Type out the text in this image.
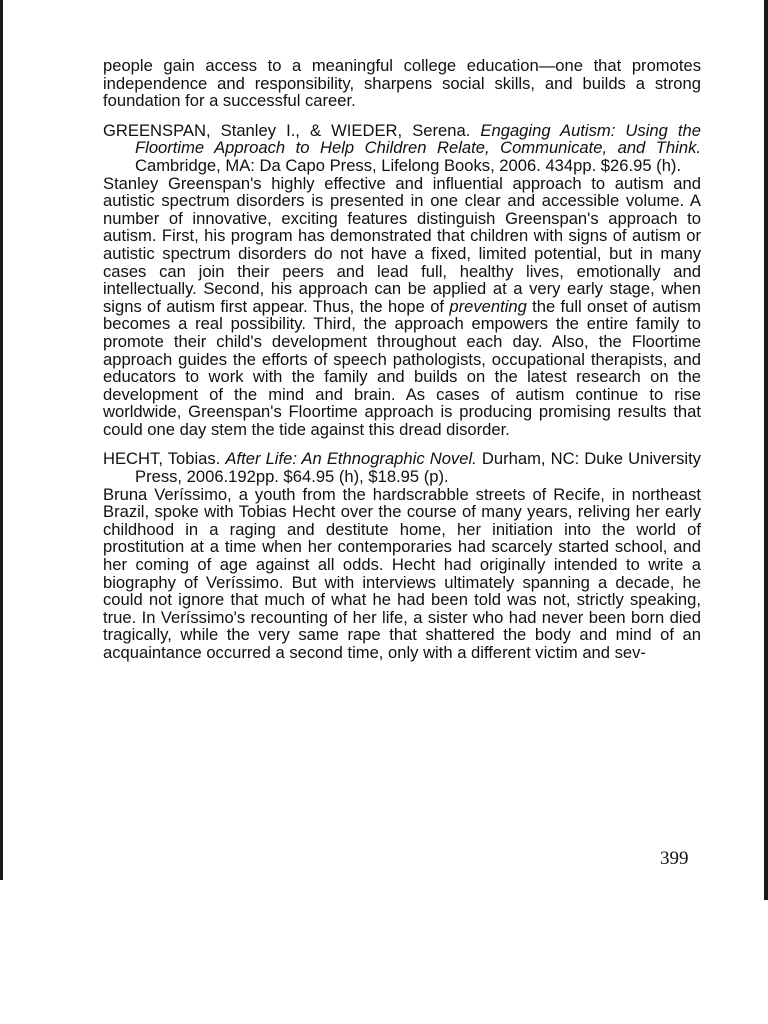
people gain access to a meaningful college education—one that promotes independence and responsibility, sharpens social skills, and builds a strong foundation for a successful career.

GREENSPAN, Stanley I., & WIEDER, Serena. Engaging Autism: Using the Floortime Approach to Help Children Relate, Communicate, and Think. Cambridge, MA: Da Capo Press, Lifelong Books, 2006. 434pp. $26.95 (h).

Stanley Greenspan's highly effective and influential approach to autism and autistic spectrum disorders is presented in one clear and accessible volume. A number of innovative, exciting features distinguish Greenspan's approach to autism. First, his program has demonstrated that children with signs of autism or autistic spectrum disorders do not have a fixed, limited potential, but in many cases can join their peers and lead full, healthy lives, emotionally and intellectually. Second, his approach can be applied at a very early stage, when signs of autism first appear. Thus, the hope of preventing the full onset of autism becomes a real possibility. Third, the approach empowers the entire family to promote their child's development throughout each day. Also, the Floortime approach guides the efforts of speech pathologists, occupational therapists, and educators to work with the family and builds on the latest research on the development of the mind and brain. As cases of autism continue to rise worldwide, Greenspan's Floortime approach is producing promising results that could one day stem the tide against this dread disorder.

HECHT, Tobias. After Life: An Ethnographic Novel. Durham, NC: Duke University Press, 2006.192pp. $64.95 (h), $18.95 (p).

Bruna Veríssimo, a youth from the hardscrabble streets of Recife, in northeast Brazil, spoke with Tobias Hecht over the course of many years, reliving her early childhood in a raging and destitute home, her initiation into the world of prostitution at a time when her contemporaries had scarcely started school, and her coming of age against all odds. Hecht had originally intended to write a biography of Veríssimo. But with interviews ultimately spanning a decade, he could not ignore that much of what he had been told was not, strictly speaking, true. In Veríssimo's recounting of her life, a sister who had never been born died tragically, while the very same rape that shattered the body and mind of an acquaintance occurred a second time, only with a different victim and sev-

399
